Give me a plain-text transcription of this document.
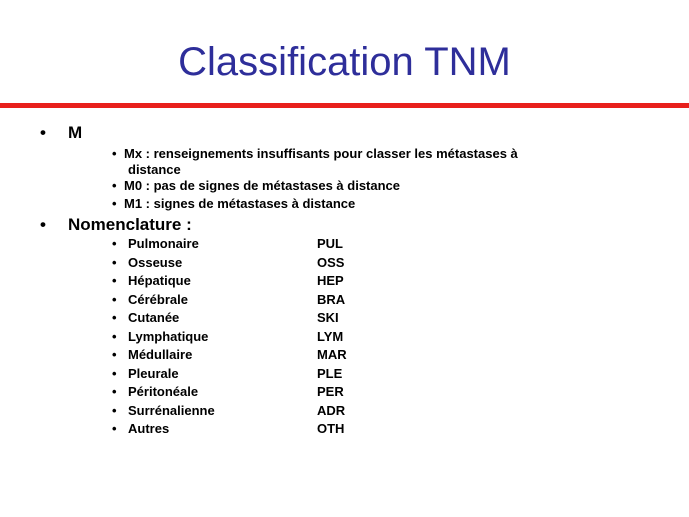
Classification TNM
• M
• Mx : renseignements insuffisants pour classer les métastases à
distance
• M0 : pas de signes de métastases à distance
• M1 : signes de métastases à distance
• Nomenclature :
• Pulmonaire	PUL
• Osseuse	OSS
• Hépatique	HEP
• Cérébrale	BRA
• Cutanée	SKI
• Lymphatique	LYM
• Médullaire	MAR
• Pleurale	PLE
• Péritonéale	PER
• Surrénalienne	ADR
• Autres	OTH
